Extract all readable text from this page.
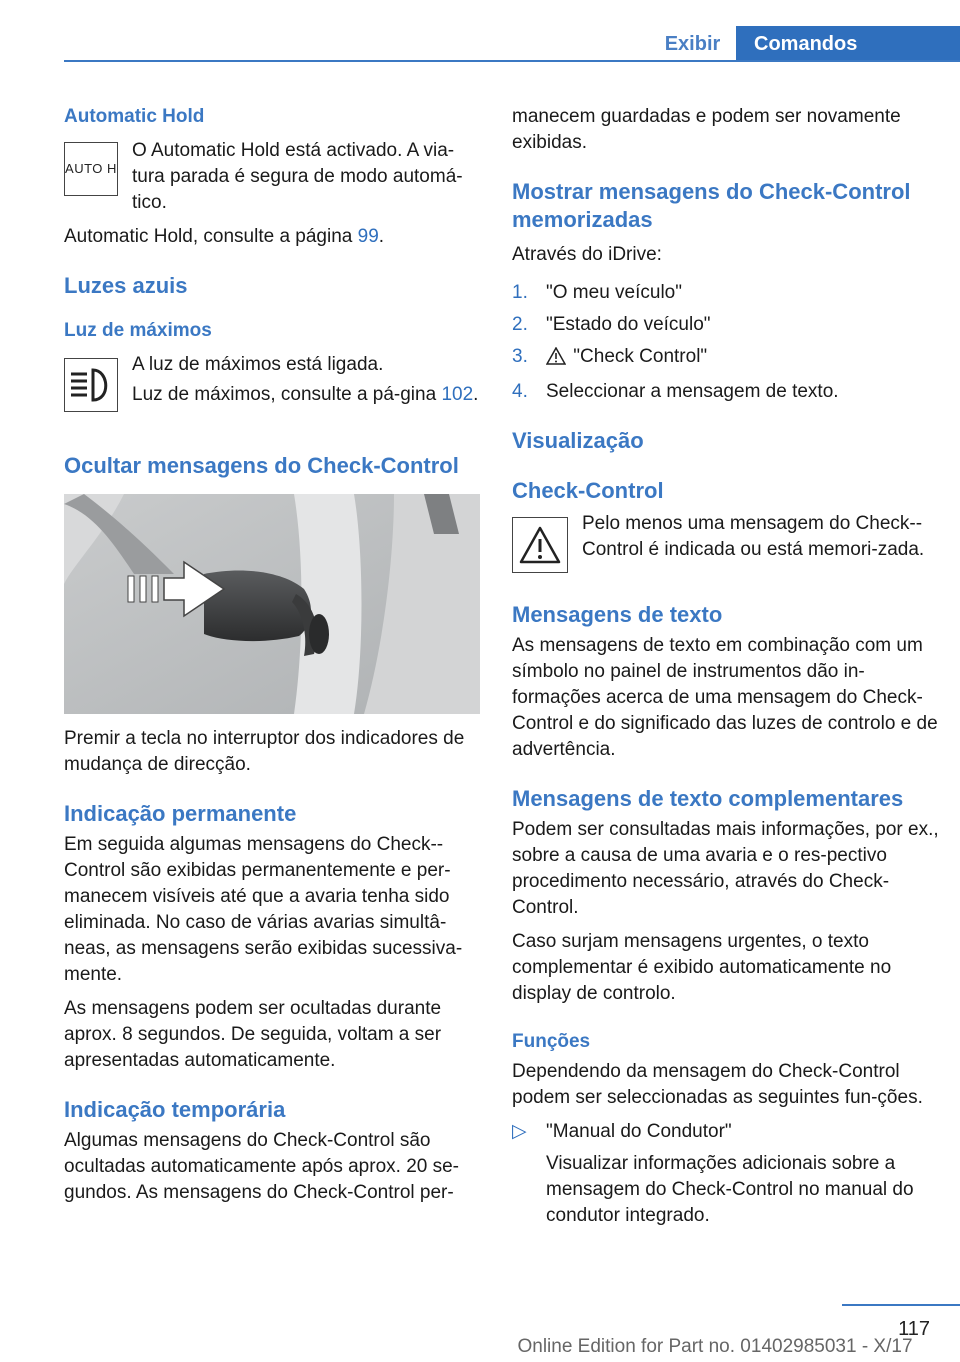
Exibir	Comandos

Automatic Hold

AUTO H

O Automatic Hold está activado. A via-tura parada é segura de modo automá-tico.

Automatic Hold, consulte a página 99.

Luzes azuis

Luz de máximos

A luz de máximos está ligada.

Luz de máximos, consulte a pá-gina 102.

Ocultar mensagens do Check-Control

Premir a tecla no interruptor dos indicadores de mudança de direcção.

Indicação permanente

Em seguida algumas mensagens do Check--Control são exibidas permanentemente e per-manecem visíveis até que a avaria tenha sido eliminada. No caso de várias avarias simultâ-neas, as mensagens serão exibidas sucessiva-mente.

As mensagens podem ser ocultadas durante aprox. 8 segundos. De seguida, voltam a ser apresentadas automaticamente.

Indicação temporária

Algumas mensagens do Check-Control são ocultadas automaticamente após aprox. 20 se-gundos. As mensagens do Check-Control per-

manecem guardadas e podem ser novamente exibidas.

Mostrar mensagens do Check-Control memorizadas

Através do iDrive:

1. "O meu veículo"
2. "Estado do veículo"
3. "Check Control"
4. Seleccionar a mensagem de texto.

Visualização

Check-Control

Pelo menos uma mensagem do Check--Control é indicada ou está memori-zada.

Mensagens de texto

As mensagens de texto em combinação com um símbolo no painel de instrumentos dão in-formações acerca de uma mensagem do Check-Control e do significado das luzes de controlo e de advertência.

Mensagens de texto complementares

Podem ser consultadas mais informações, por ex., sobre a causa de uma avaria e o res-pectivo procedimento necessário, através do Check-Control.

Caso surjam mensagens urgentes, o texto complementar é exibido automaticamente no display de controlo.

Funções

Dependendo da mensagem do Check-Control podem ser seleccionadas as seguintes fun-ções.

▷ "Manual do Condutor"

Visualizar informações adicionais sobre a mensagem do Check-Control no manual do condutor integrado.

117
Online Edition for Part no. 01402985031 - X/17
